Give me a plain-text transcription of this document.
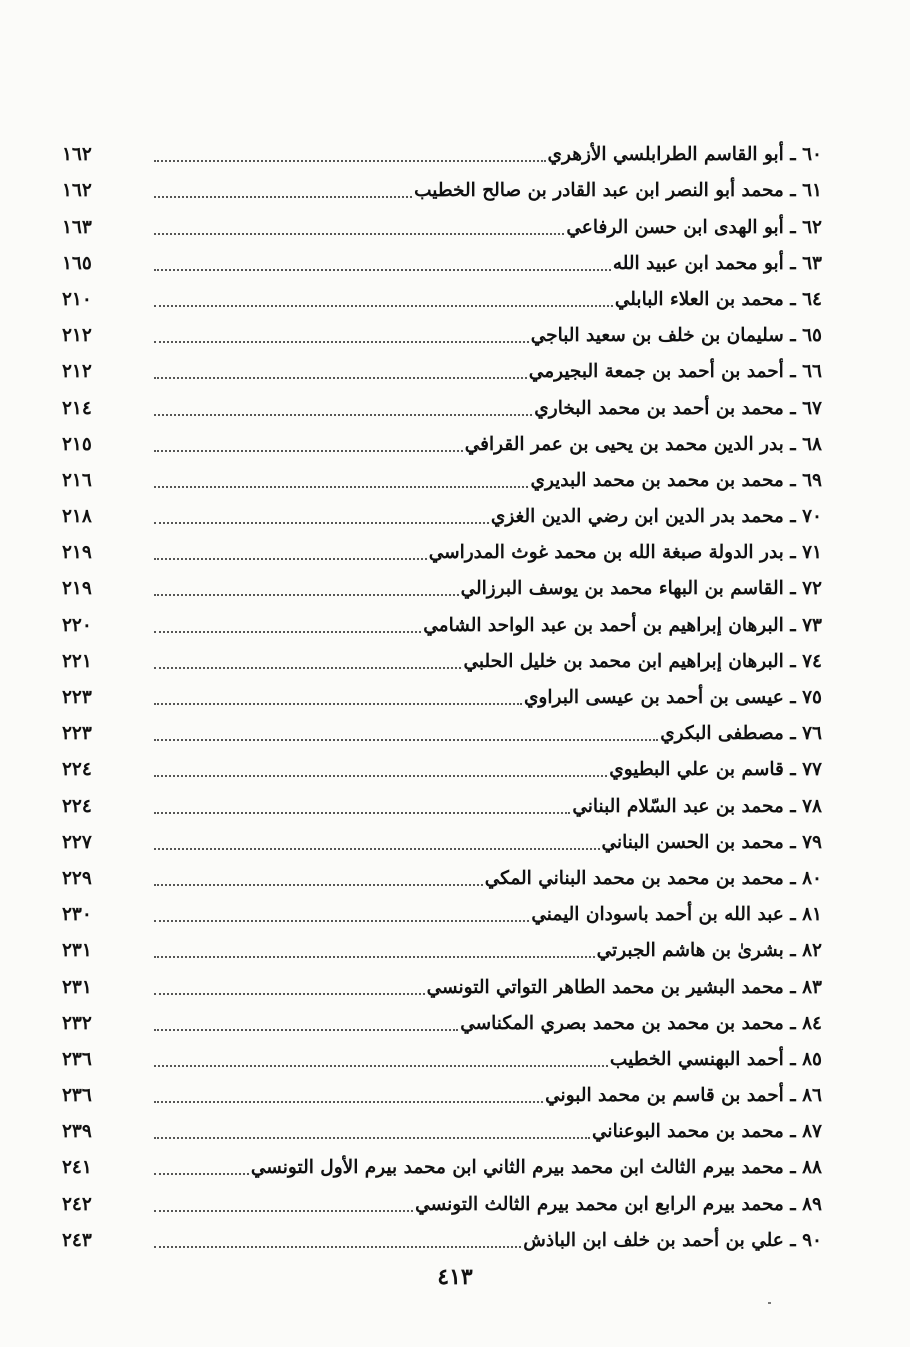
٦٠ ـ أبو القاسم الطرابلسي الأزهري
١٦٢
٦١ ـ محمد أبو النصر ابن عبد القادر بن صالح الخطيب
١٦٢
٦٢ ـ أبو الهدى ابن حسن الرفاعي
١٦٣
٦٣ ـ أبو محمد ابن عبيد الله
١٦٥
٦٤ ـ محمد بن العلاء البابلي
٢١٠
٦٥ ـ سليمان بن خلف بن سعيد الباجي
٢١٢
٦٦ ـ أحمد بن أحمد بن جمعة البجيرمي
٢١٢
٦٧ ـ محمد بن أحمد بن محمد البخاري
٢١٤
٦٨ ـ بدر الدين محمد بن يحيى بن عمر القرافي
٢١٥
٦٩ ـ محمد بن محمد بن محمد البديري
٢١٦
٧٠ ـ محمد بدر الدين ابن رضي الدين الغزي
٢١٨
٧١ ـ بدر الدولة صبغة الله بن محمد غوث المدراسي
٢١٩
٧٢ ـ القاسم بن البهاء محمد بن يوسف البرزالي
٢١٩
٧٣ ـ البرهان إبراهيم بن أحمد بن عبد الواحد الشامي
٢٢٠
٧٤ ـ البرهان إبراهيم ابن محمد بن خليل الحلبي
٢٢١
٧٥ ـ عيسى بن أحمد بن عيسى البراوي
٢٢٣
٧٦ ـ مصطفى البكري
٢٢٣
٧٧ ـ قاسم بن علي البطيوي
٢٢٤
٧٨ ـ محمد بن عبد السّلام البناني
٢٢٤
٧٩ ـ محمد بن الحسن البناني
٢٢٧
٨٠ ـ محمد بن محمد بن محمد البناني المكي
٢٢٩
٨١ ـ عبد الله بن أحمد باسودان اليمني
٢٣٠
٨٢ ـ بشرىٰ بن هاشم الجبرتي
٢٣١
٨٣ ـ محمد البشير بن محمد الطاهر التواتي التونسي
٢٣١
٨٤ ـ محمد بن محمد بن محمد بصري المكناسي
٢٣٢
٨٥ ـ أحمد البهنسي الخطيب
٢٣٦
٨٦ ـ أحمد بن قاسم بن محمد البوني
٢٣٦
٨٧ ـ محمد بن محمد البوعناني
٢٣٩
٨٨ ـ محمد بيرم الثالث ابن محمد بيرم الثاني ابن محمد بيرم الأول التونسي
٢٤١
٨٩ ـ محمد بيرم الرابع ابن محمد بيرم الثالث التونسي
٢٤٢
٩٠ ـ علي بن أحمد بن خلف ابن الباذش
٢٤٣
٤١٣
